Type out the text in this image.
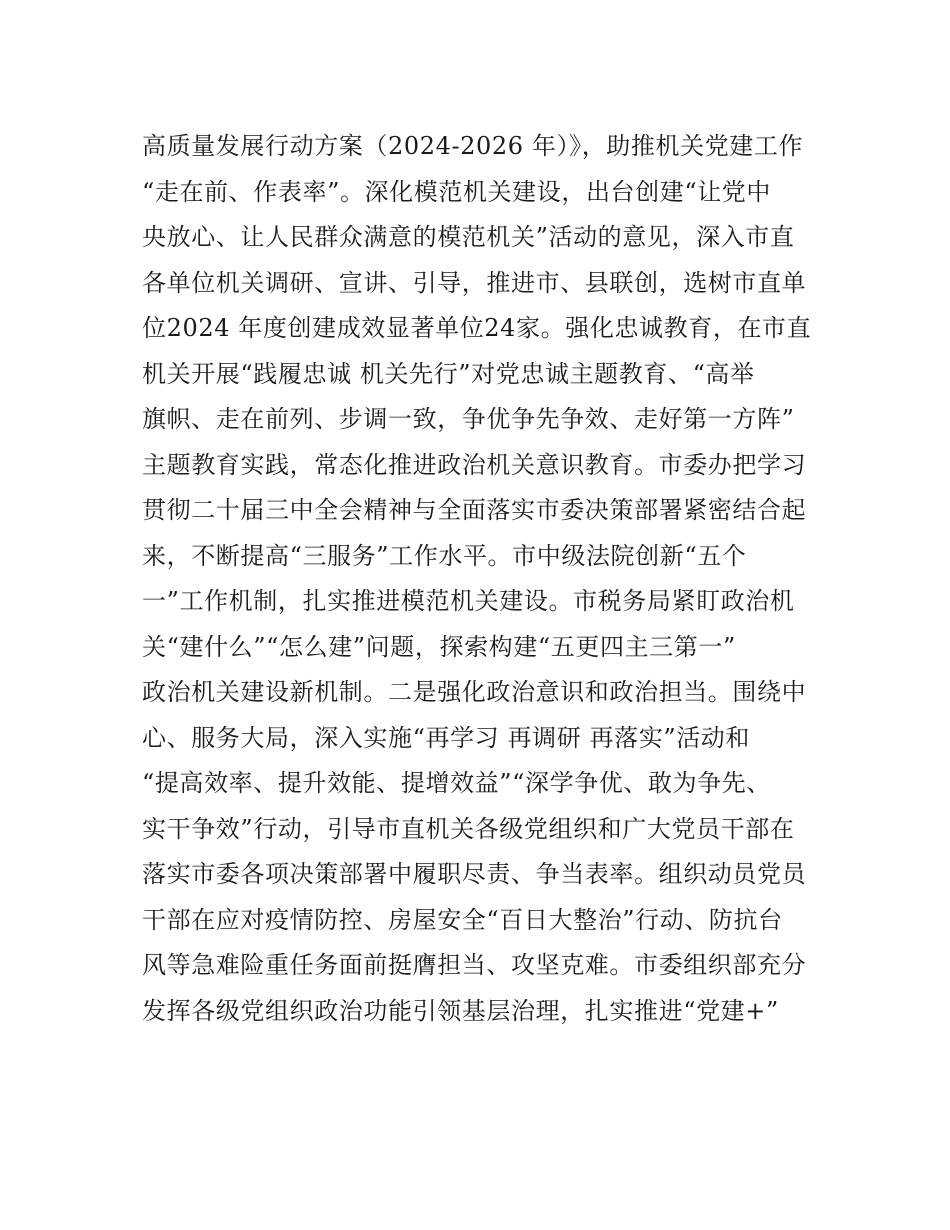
高质量发展行动方案（2024-2026 年）》，助推机关党建工作
“走在前、作表率”。深化模范机关建设，出台创建“让党中
央放心、让人民群众满意的模范机关”活动的意见，深入市直
各单位机关调研、宣讲、引导，推进市、县联创，选树市直单
位2024 年度创建成效显著单位24家。强化忠诚教育，在市直
机关开展“践履忠诚 机关先行”对党忠诚主题教育、“高举
旗帜、走在前列、步调一致，争优争先争效、走好第一方阵”
主题教育实践，常态化推进政治机关意识教育。市委办把学习
贯彻二十届三中全会精神与全面落实市委决策部署紧密结合起
来，不断提高“三服务”工作水平。市中级法院创新“五个
一”工作机制，扎实推进模范机关建设。市税务局紧盯政治机
关“建什么”“怎么建”问题，探索构建“五更四主三第一”
政治机关建设新机制。二是强化政治意识和政治担当。围绕中
心、服务大局，深入实施“再学习 再调研 再落实”活动和
“提高效率、提升效能、提增效益”“深学争优、敢为争先、
实干争效”行动，引导市直机关各级党组织和广大党员干部在
落实市委各项决策部署中履职尽责、争当表率。组织动员党员
干部在应对疫情防控、房屋安全“百日大整治”行动、防抗台
风等急难险重任务面前挺膺担当、攻坚克难。市委组织部充分
发挥各级党组织政治功能引领基层治理，扎实推进“党建+”
